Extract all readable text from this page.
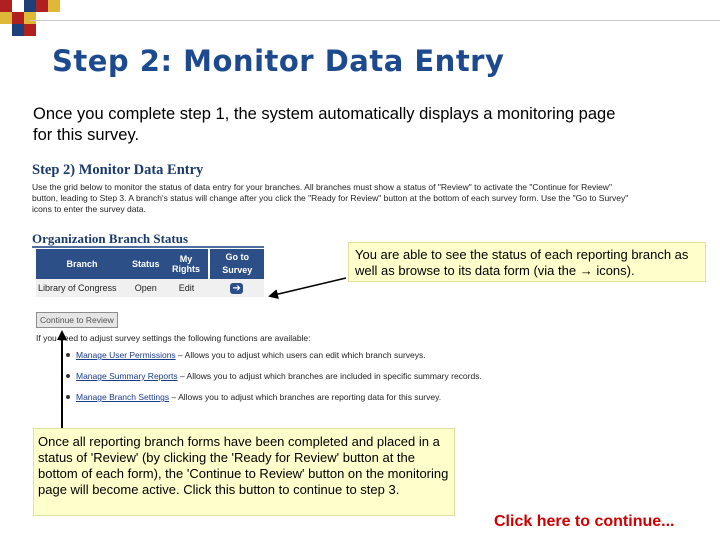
Step 2: Monitor Data Entry
Once you complete step 1, the system automatically displays a monitoring page for this survey.
Step 2) Monitor Data Entry
Use the grid below to monitor the status of data entry for your branches. All branches must show a status of "Review" to activate the "Continue for Review" button, leading to Step 3. A branch's status will change after you click the "Ready for Review" button at the bottom of each survey form. Use the "Go to Survey" icons to enter the survey data.
Organization Branch Status
Branch	Status	My Rights	Go to Survey
Library of Congress	Open	Edit	➔
Continue to Review
If you need to adjust survey settings the following functions are available:
Manage User Permissions – Allows you to adjust which users can edit which branch surveys.
Manage Summary Reports – Allows you to adjust which branches are included in specific summary records.
Manage Branch Settings – Allows you to adjust which branches are reporting data for this survey.
You are able to see the status of each reporting branch as well as browse to its data form (via the → icons).
Once all reporting branch forms have been completed and placed in a status of 'Review' (by clicking the 'Ready for Review' button at the bottom of each form), the 'Continue to Review' button on the monitoring page will become active. Click this button to continue to step 3.
Click here to continue...
